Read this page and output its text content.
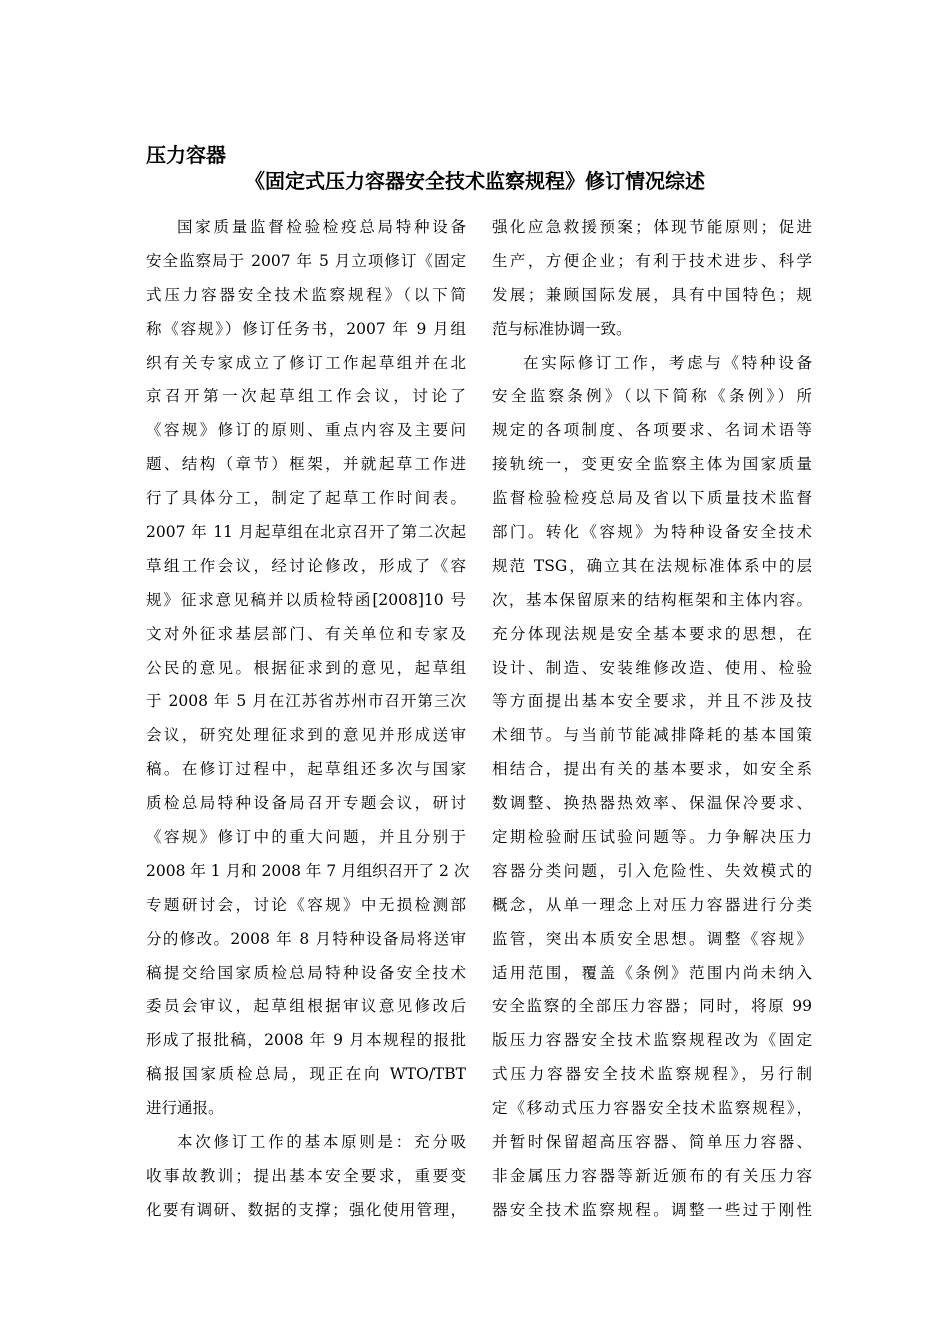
压力容器
《固定式压力容器安全技术监察规程》修订情况综述
国家质量监督检验检疫总局特种设备
安全监察局于 2007 年 5 月立项修订《固定
式压力容器安全技术监察规程》（以下简
称《容规》）修订任务书，2007 年 9 月组
织有关专家成立了修订工作起草组并在北
京召开第一次起草组工作会议，讨论了
《容规》修订的原则、重点内容及主要问
题、结构（章节）框架，并就起草工作进
行了具体分工，制定了起草工作时间表。
2007 年 11 月起草组在北京召开了第二次起
草组工作会议，经讨论修改，形成了《容
规》征求意见稿并以质检特函[2008]10 号
文对外征求基层部门、有关单位和专家及
公民的意见。根据征求到的意见，起草组
于 2008 年 5 月在江苏省苏州市召开第三次
会议，研究处理征求到的意见并形成送审
稿。在修订过程中，起草组还多次与国家
质检总局特种设备局召开专题会议，研讨
《容规》修订中的重大问题，并且分别于
2008 年 1 月和 2008 年 7 月组织召开了 2 次
专题研讨会，讨论《容规》中无损检测部
分的修改。2008 年 8 月特种设备局将送审
稿提交给国家质检总局特种设备安全技术
委员会审议，起草组根据审议意见修改后
形成了报批稿，2008 年 9 月本规程的报批
稿报国家质检总局，现正在向 WTO/TBT
进行通报。
本次修订工作的基本原则是：充分吸
收事故教训；提出基本安全要求，重要变
化要有调研、数据的支撑；强化使用管理，
强化应急救援预案；体现节能原则；促进
生产，方便企业；有利于技术进步、科学
发展；兼顾国际发展，具有中国特色；规
范与标准协调一致。
在实际修订工作，考虑与《特种设备
安全监察条例》（以下简称《条例》）所
规定的各项制度、各项要求、名词术语等
接轨统一，变更安全监察主体为国家质量
监督检验检疫总局及省以下质量技术监督
部门。转化《容规》为特种设备安全技术
规范 TSG，确立其在法规标准体系中的层
次，基本保留原来的结构框架和主体内容。
充分体现法规是安全基本要求的思想，在
设计、制造、安装维修改造、使用、检验
等方面提出基本安全要求，并且不涉及技
术细节。与当前节能减排降耗的基本国策
相结合，提出有关的基本要求，如安全系
数调整、换热器热效率、保温保冷要求、
定期检验耐压试验问题等。力争解决压力
容器分类问题，引入危险性、失效模式的
概念，从单一理念上对压力容器进行分类
监管，突出本质安全思想。调整《容规》
适用范围，覆盖《条例》范围内尚未纳入
安全监察的全部压力容器；同时，将原 99
版压力容器安全技术监察规程改为《固定
式压力容器安全技术监察规程》，另行制
定《移动式压力容器安全技术监察规程》，
并暂时保留超高压容器、简单压力容器、
非金属压力容器等新近颁布的有关压力容
器安全技术监察规程。调整一些过于刚性
